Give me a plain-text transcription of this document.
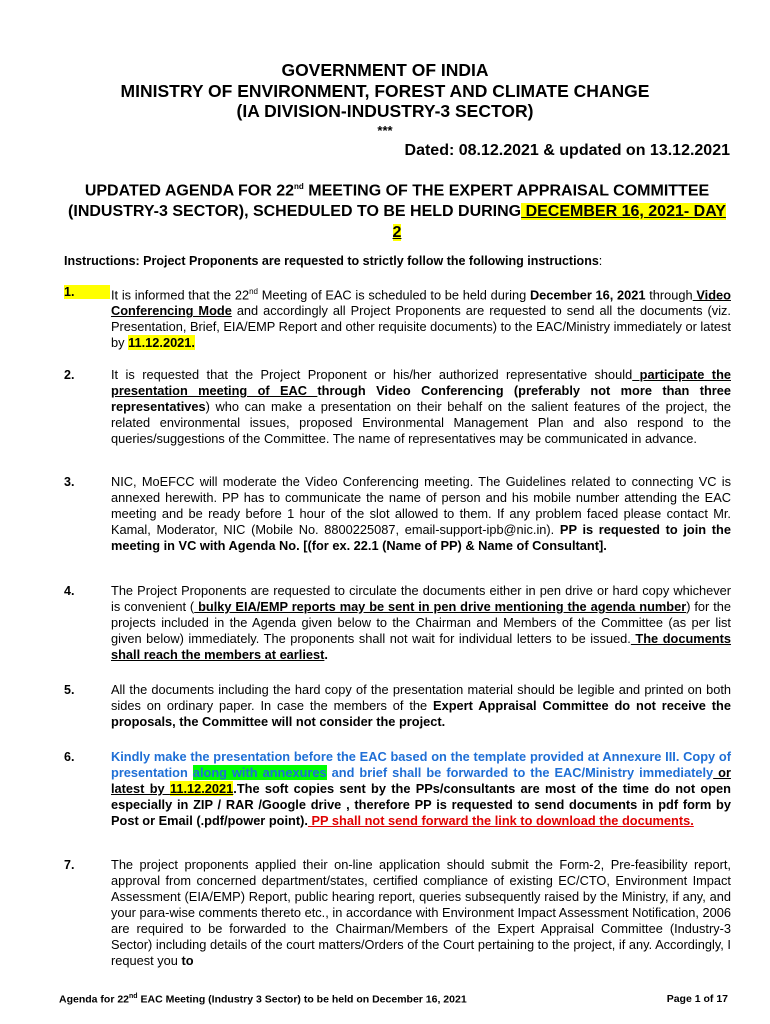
GOVERNMENT OF INDIA
MINISTRY OF ENVIRONMENT, FOREST AND CLIMATE CHANGE
(IA DIVISION-INDUSTRY-3 SECTOR)
***
Dated: 08.12.2021 & updated on 13.12.2021
UPDATED AGENDA FOR 22nd MEETING OF THE EXPERT APPRAISAL COMMITTEE (INDUSTRY-3 SECTOR), SCHEDULED TO BE HELD DURING DECEMBER 16, 2021- DAY 2
Instructions: Project Proponents are requested to strictly follow the following instructions:
1.	It is informed that the 22nd Meeting of EAC is scheduled to be held during December 16, 2021 through Video Conferencing Mode and accordingly all Project Proponents are requested to send all the documents (viz. Presentation, Brief, EIA/EMP Report and other requisite documents) to the EAC/Ministry immediately or latest by 11.12.2021.
2.	It is requested that the Project Proponent or his/her authorized representative should participate the presentation meeting of EAC through Video Conferencing (preferably not more than three representatives) who can make a presentation on their behalf on the salient features of the project, the related environmental issues, proposed Environmental Management Plan and also respond to the queries/suggestions of the Committee. The name of representatives may be communicated in advance.
3.	NIC, MoEFCC will moderate the Video Conferencing meeting. The Guidelines related to connecting VC is annexed herewith. PP has to communicate the name of person and his mobile number attending the EAC meeting and be ready before 1 hour of the slot allowed to them. If any problem faced please contact Mr. Kamal, Moderator, NIC (Mobile No. 8800225087, email-support-ipb@nic.in). PP is requested to join the meeting in VC with Agenda No. [(for ex. 22.1 (Name of PP) & Name of Consultant].
4.	The Project Proponents are requested to circulate the documents either in pen drive or hard copy whichever is convenient ( bulky EIA/EMP reports may be sent in pen drive mentioning the agenda number) for the projects included in the Agenda given below to the Chairman and Members of the Committee (as per list given below) immediately. The proponents shall not wait for individual letters to be issued. The documents shall reach the members at earliest.
5.	All the documents including the hard copy of the presentation material should be legible and printed on both sides on ordinary paper. In case the members of the Expert Appraisal Committee do not receive the proposals, the Committee will not consider the project.
6.	Kindly make the presentation before the EAC based on the template provided at Annexure III. Copy of presentation along with annexures and brief shall be forwarded to the EAC/Ministry immediately or latest by 11.12.2021.The soft copies sent by the PPs/consultants are most of the time do not open especially in ZIP / RAR /Google drive , therefore PP is requested to send documents in pdf form by Post or Email (.pdf/power point). PP shall not send forward the link to download the documents.
7.	The project proponents applied their on-line application should submit the Form-2, Pre-feasibility report, approval from concerned department/states, certified compliance of existing EC/CTO, Environment Impact Assessment (EIA/EMP) Report, public hearing report, queries subsequently raised by the Ministry, if any, and your para-wise comments thereto etc., in accordance with Environment Impact Assessment Notification, 2006 are required to be forwarded to the Chairman/Members of the Expert Appraisal Committee (Industry-3 Sector) including details of the court matters/Orders of the Court pertaining to the project, if any. Accordingly, I request you to
Agenda for 22nd EAC Meeting (Industry 3 Sector) to be held on December 16, 2021	Page 1 of 17
